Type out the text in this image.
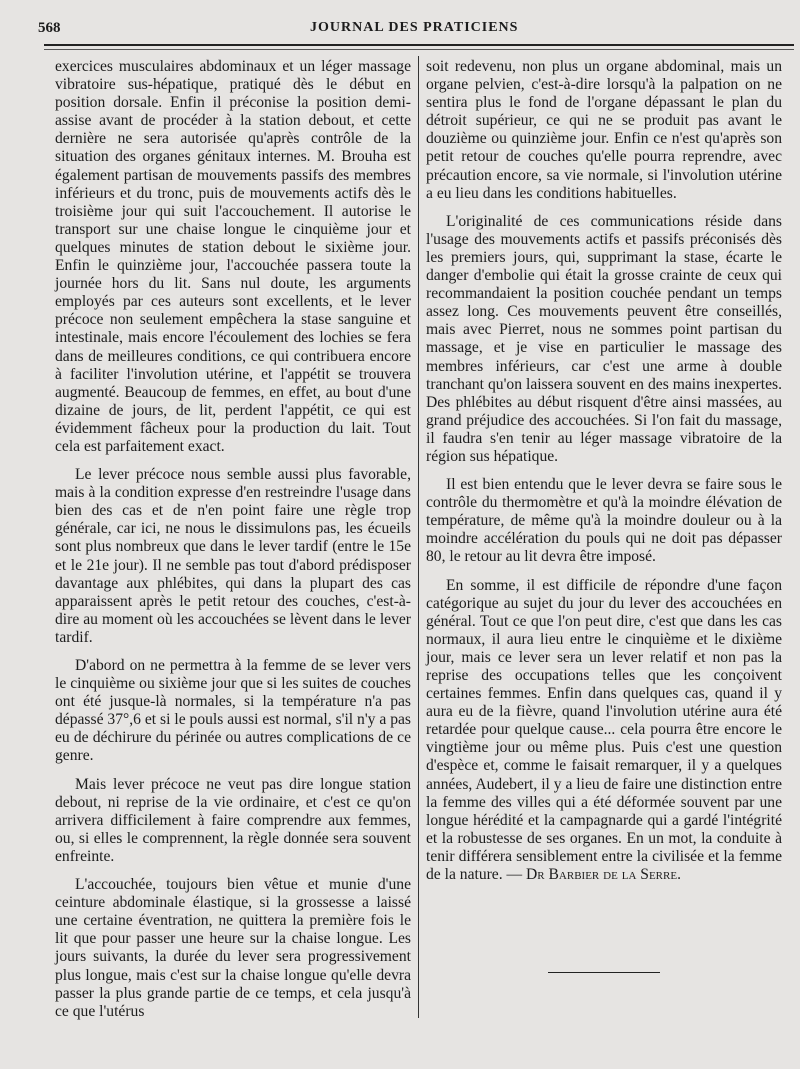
568	JOURNAL DES PRATICIENS

exercices musculaires abdominaux et un léger massage vibratoire sus-hépatique, pratiqué dès le début en position dorsale. Enfin il préconise la position demi-assise avant de procéder à la station debout, et cette dernière ne sera autorisée qu'après contrôle de la situation des organes génitaux internes. M. Brouha est également partisan de mouvements passifs des membres inférieurs et du tronc, puis de mouvements actifs dès le troisième jour qui suit l'accouchement. Il autorise le transport sur une chaise longue le cinquième jour et quelques minutes de station debout le sixième jour. Enfin le quinzième jour, l'accouchée passera toute la journée hors du lit. Sans nul doute, les arguments employés par ces auteurs sont excellents, et le lever précoce non seulement empêchera la stase sanguine et intestinale, mais encore l'écoulement des lochies se fera dans de meilleures conditions, ce qui contribuera encore à faciliter l'involution utérine, et l'appétit se trouvera augmenté. Beaucoup de femmes, en effet, au bout d'une dizaine de jours, de lit, perdent l'appétit, ce qui est évidemment fâcheux pour la production du lait. Tout cela est parfaitement exact.

Le lever précoce nous semble aussi plus favorable, mais à la condition expresse d'en restreindre l'usage dans bien des cas et de n'en point faire une règle trop générale, car ici, ne nous le dissimulons pas, les écueils sont plus nombreux que dans le lever tardif (entre le 15e et le 21e jour). Il ne semble pas tout d'abord prédisposer davantage aux phlébites, qui dans la plupart des cas apparaissent après le petit retour des couches, c'est-à-dire au moment où les accouchées se lèvent dans le lever tardif.

D'abord on ne permettra à la femme de se lever vers le cinquième ou sixième jour que si les suites de couches ont été jusque-là normales, si la température n'a pas dépassé 37°,6 et si le pouls aussi est normal, s'il n'y a pas eu de déchirure du périnée ou autres complications de ce genre.

Mais lever précoce ne veut pas dire longue station debout, ni reprise de la vie ordinaire, et c'est ce qu'on arrivera difficilement à faire comprendre aux femmes, ou, si elles le comprennent, la règle donnée sera souvent enfreinte.

L'accouchée, toujours bien vêtue et munie d'une ceinture abdominale élastique, si la grossesse a laissé une certaine éventration, ne quittera la première fois le lit que pour passer une heure sur la chaise longue. Les jours suivants, la durée du lever sera progressivement plus longue, mais c'est sur la chaise longue qu'elle devra passer la plus grande partie de ce temps, et cela jusqu'à ce que l'utérus

soit redevenu, non plus un organe abdominal, mais un organe pelvien, c'est-à-dire lorsqu'à la palpation on ne sentira plus le fond de l'organe dépassant le plan du détroit supérieur, ce qui ne se produit pas avant le douzième ou quinzième jour. Enfin ce n'est qu'après son petit retour de couches qu'elle pourra reprendre, avec précaution encore, sa vie normale, si l'involution utérine a eu lieu dans les conditions habituelles.

L'originalité de ces communications réside dans l'usage des mouvements actifs et passifs préconisés dès les premiers jours, qui, supprimant la stase, écarte le danger d'embolie qui était la grosse crainte de ceux qui recommandaient la position couchée pendant un temps assez long. Ces mouvements peuvent être conseillés, mais avec Pierret, nous ne sommes point partisan du massage, et je vise en particulier le massage des membres inférieurs, car c'est une arme à double tranchant qu'on laissera souvent en des mains inexpertes. Des phlébites au début risquent d'être ainsi massées, au grand préjudice des accouchées. Si l'on fait du massage, il faudra s'en tenir au léger massage vibratoire de la région sus hépatique.

Il est bien entendu que le lever devra se faire sous le contrôle du thermomètre et qu'à la moindre élévation de température, de même qu'à la moindre douleur ou à la moindre accélération du pouls qui ne doit pas dépasser 80, le retour au lit devra être imposé.

En somme, il est difficile de répondre d'une façon catégorique au sujet du jour du lever des accouchées en général. Tout ce que l'on peut dire, c'est que dans les cas normaux, il aura lieu entre le cinquième et le dixième jour, mais ce lever sera un lever relatif et non pas la reprise des occupations telles que les conçoivent certaines femmes. Enfin dans quelques cas, quand il y aura eu de la fièvre, quand l'involution utérine aura été retardée pour quelque cause... cela pourra être encore le vingtième jour ou même plus. Puis c'est une question d'espèce et, comme le faisait remarquer, il y a quelques années, Audebert, il y a lieu de faire une distinction entre la femme des villes qui a été déformée souvent par une longue hérédité et la campagnarde qui a gardé l'intégrité et la robustesse de ses organes. En un mot, la conduite à tenir différera sensiblement entre la civilisée et la femme de la nature. — Dr Barbier de la Serre.
